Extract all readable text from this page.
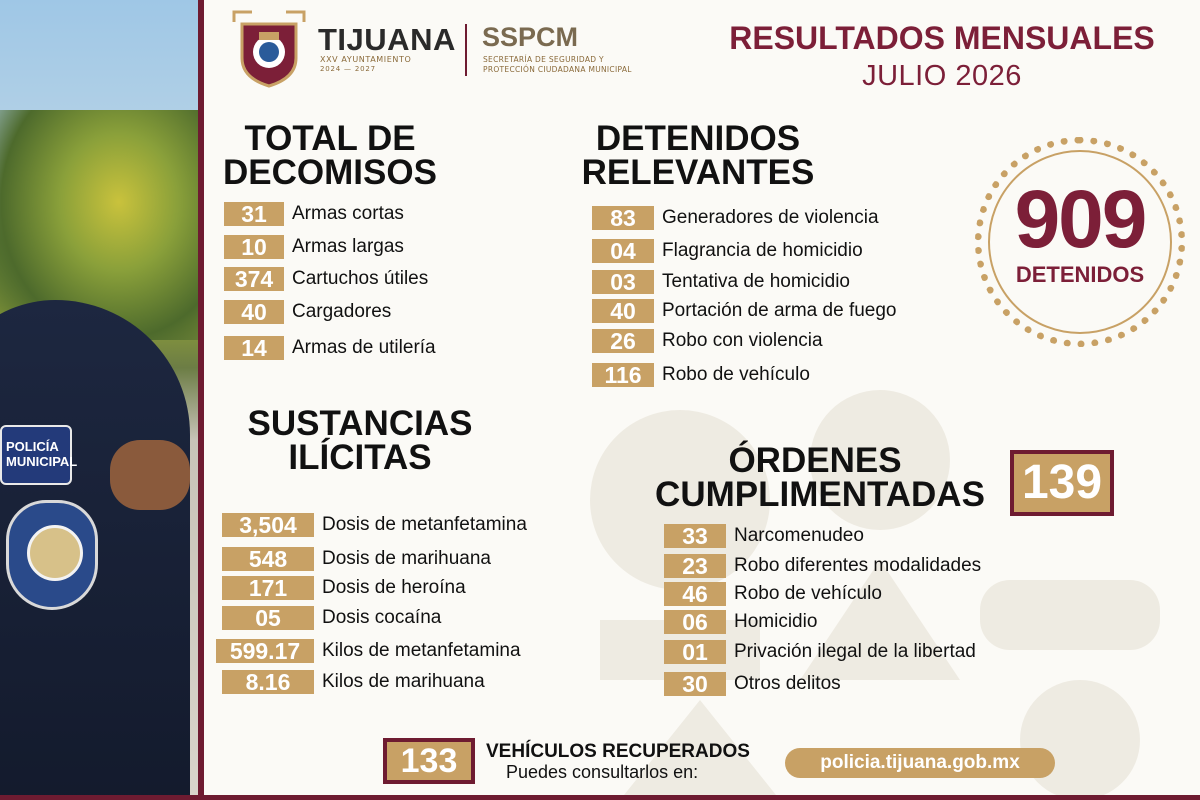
POLICÍA
MUNICIPAL
TIJUANA
XXV AYUNTAMIENTO
2024 — 2027
SSPCM
SECRETARÍA DE SEGURIDAD Y
PROTECCIÓN CIUDADANA MUNICIPAL
RESULTADOS MENSUALES
JULIO 2026
TOTAL DE
DECOMISOS
31	Armas cortas
10	Armas largas
374 Cartuchos útiles
40	Cargadores
14	Armas de utilería
DETENIDOS
RELEVANTES
83	Generadores de violencia
04	Flagrancia de homicidio
03	Tentativa de homicidio
40	Portación de arma de fuego
26	Robo con violencia
116	Robo de vehículo
909
DETENIDOS
SUSTANCIAS
ILÍCITAS
3,504	Dosis de metanfetamina
548	Dosis de marihuana
171	Dosis de heroína
05	Dosis cocaína
599.17	Kilos de metanfetamina
8.16	Kilos de marihuana
ÓRDENES
CUMPLIMENTADAS 139
33	Narcomenudeo
23	Robo diferentes modalidades
46	Robo de vehículo
06	Homicidio
01	Privación ilegal de la libertad
30	Otros delitos
133	VEHÍCULOS RECUPERADOS
Puedes consultarlos en:	policia.tijuana.gob.mx
